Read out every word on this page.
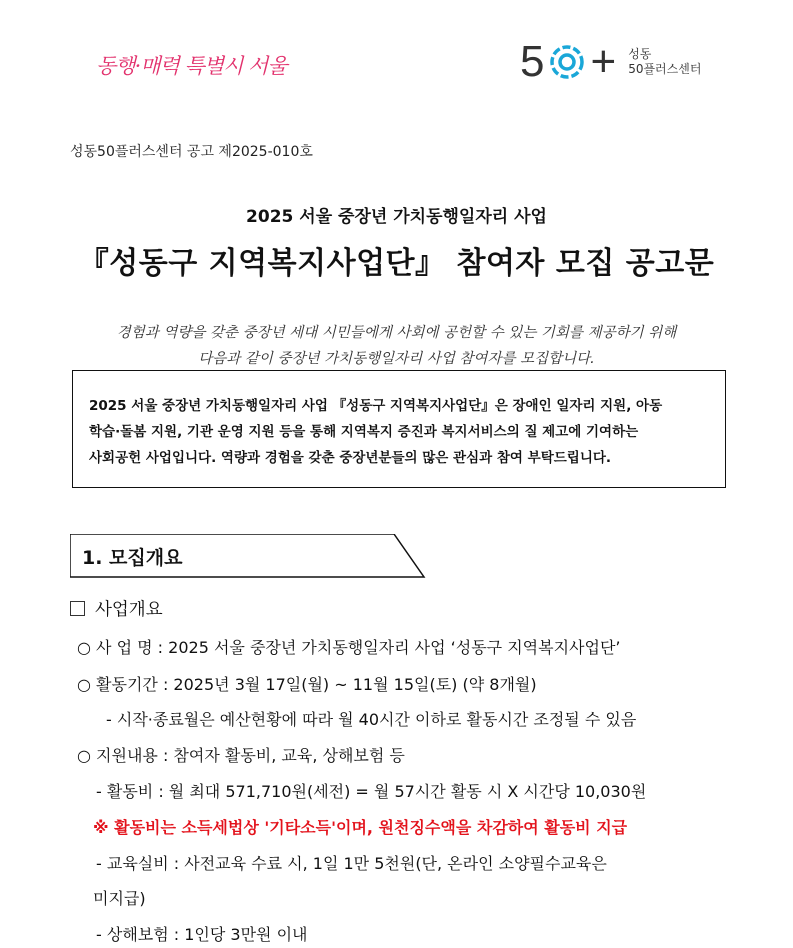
동행·매력 특별시 서울	5 + 성동
50플러스센터
성동50플러스센터 공고 제2025-010호
2025 서울 중장년 가치동행일자리 사업
『성동구 지역복지사업단』 참여자 모집 공고문
경험과 역량을 갖춘 중장년 세대 시민들에게 사회에 공헌할 수 있는 기회를 제공하기 위해
다음과 같이 중장년 가치동행일자리 사업 참여자를 모집합니다.
2025 서울 중장년 가치동행일자리 사업 『성동구 지역복지사업단』은 장애인 일자리 지원, 아동
학습·돌봄 지원, 기관 운영 지원 등을 통해 지역복지 증진과 복지서비스의 질 제고에 기여하는
사회공헌 사업입니다. 역량과 경험을 갖춘 중장년분들의 많은 관심과 참여 부탁드립니다.
1. 모집개요
사업개요
○ 사 업 명 : 2025 서울 중장년 가치동행일자리 사업 ‘성동구 지역복지사업단’
○ 활동기간 : 2025년 3월 17일(월) ~ 11월 15일(토) (약 8개월)
- 시작·종료월은 예산현황에 따라 월 40시간 이하로 활동시간 조정될 수 있음
○ 지원내용 : 참여자 활동비, 교육, 상해보험 등
- 활동비 : 월 최대 571,710원(세전) = 월 57시간 활동 시 X 시간당 10,030원
※ 활동비는 소득세법상 '기타소득'이며, 원천징수액을 차감하여 활동비 지급
- 교육실비 : 사전교육 수료 시, 1일 1만 5천원(단, 온라인 소양필수교육은
미지급)
- 상해보험 : 1인당 3만원 이내
